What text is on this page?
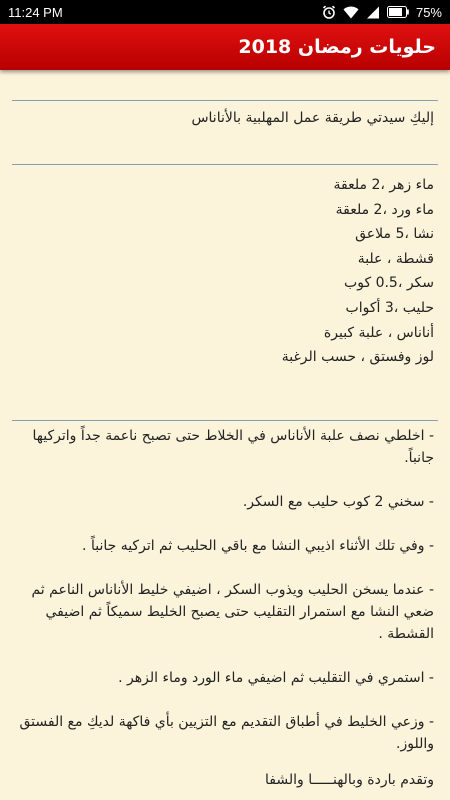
11:24 PM	75%
حلويات رمضان 2018

إليكِ سيدتي طريقة عمل المهلبية بالأناناس

ماء زهر ،2 ملعقة
ماء ورد ،2 ملعقة
نشا ،5 ملاعق
قشطة ، علبة
سكر ،0.5 كوب
حليب ،3 أكواب
أناناس ، علبة كبيرة
لوز وفستق ، حسب الرغبة
- اخلطي نصف علبة الأناناس في الخلاط حتى تصبح ناعمة جداً واتركيها جانباً.
- سخني 2 كوب حليب مع السكر.
- وفي تلك الأثناء اذيبي النشا مع باقي الحليب ثم اتركيه جانباً .
- عندما يسخن الحليب ويذوب السكر ، اضيفي خليط الأناناس الناعم ثم ضعي النشا مع استمرار التقليب حتى يصبح الخليط سميكاً ثم اضيفي القشطة .
- استمري في التقليب ثم اضيفي ماء الورد وماء الزهر .
- وزعي الخليط في أطباق التقديم مع التزيين بأي فاكهة لديكِ مع الفستق واللوز.

وتقدم باردة وبالهنـــــا والشفا
